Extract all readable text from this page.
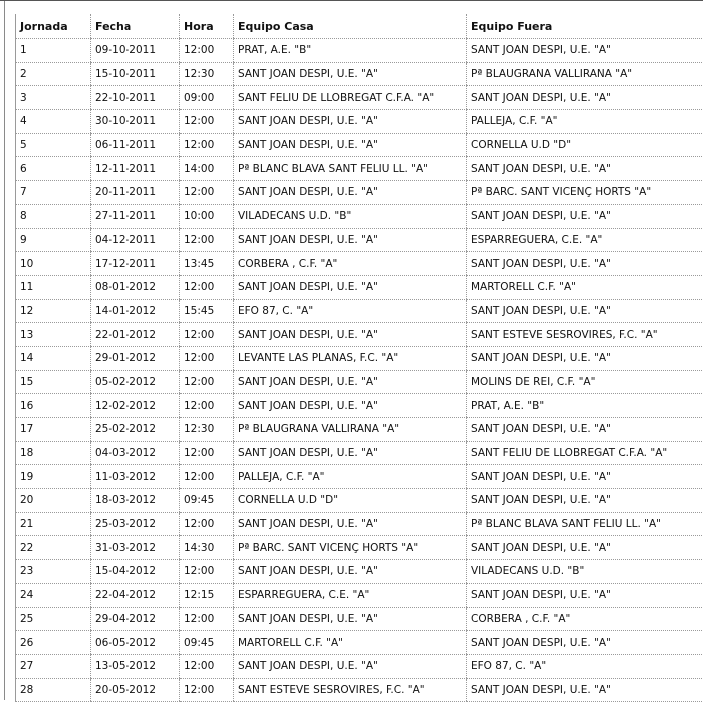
Jornada	Fecha	Hora	Equipo Casa	Equipo Fuera
1	09-10-2011	12:00	PRAT, A.E. "B"	SANT JOAN DESPI, U.E. "A"
2	15-10-2011	12:30	SANT JOAN DESPI, U.E. "A"	Pª BLAUGRANA VALLIRANA "A"
3	22-10-2011	09:00	SANT FELIU DE LLOBREGAT C.F.A. "A"	SANT JOAN DESPI, U.E. "A"
4	30-10-2011	12:00	SANT JOAN DESPI, U.E. "A"	PALLEJA, C.F. "A"
5	06-11-2011	12:00	SANT JOAN DESPI, U.E. "A"	CORNELLA U.D "D"
6	12-11-2011	14:00	Pª BLANC BLAVA SANT FELIU LL. "A"	SANT JOAN DESPI, U.E. "A"
7	20-11-2011	12:00	SANT JOAN DESPI, U.E. "A"	Pª BARC. SANT VICENÇ HORTS "A"
8	27-11-2011	10:00	VILADECANS U.D. "B"	SANT JOAN DESPI, U.E. "A"
9	04-12-2011	12:00	SANT JOAN DESPI, U.E. "A"	ESPARREGUERA, C.E. "A"
10	17-12-2011	13:45	CORBERA , C.F. "A"	SANT JOAN DESPI, U.E. "A"
11	08-01-2012	12:00	SANT JOAN DESPI, U.E. "A"	MARTORELL C.F. "A"
12	14-01-2012	15:45	EFO 87, C. "A"	SANT JOAN DESPI, U.E. "A"
13	22-01-2012	12:00	SANT JOAN DESPI, U.E. "A"	SANT ESTEVE SESROVIRES, F.C. "A"
14	29-01-2012	12:00	LEVANTE LAS PLANAS, F.C. "A"	SANT JOAN DESPI, U.E. "A"
15	05-02-2012	12:00	SANT JOAN DESPI, U.E. "A"	MOLINS DE REI, C.F. "A"
16	12-02-2012	12:00	SANT JOAN DESPI, U.E. "A"	PRAT, A.E. "B"
17	25-02-2012	12:30	Pª BLAUGRANA VALLIRANA "A"	SANT JOAN DESPI, U.E. "A"
18	04-03-2012	12:00	SANT JOAN DESPI, U.E. "A"	SANT FELIU DE LLOBREGAT C.F.A. "A"
19	11-03-2012	12:00	PALLEJA, C.F. "A"	SANT JOAN DESPI, U.E. "A"
20	18-03-2012	09:45	CORNELLA U.D "D"	SANT JOAN DESPI, U.E. "A"
21	25-03-2012	12:00	SANT JOAN DESPI, U.E. "A"	Pª BLANC BLAVA SANT FELIU LL. "A"
22	31-03-2012	14:30	Pª BARC. SANT VICENÇ HORTS "A"	SANT JOAN DESPI, U.E. "A"
23	15-04-2012	12:00	SANT JOAN DESPI, U.E. "A"	VILADECANS U.D. "B"
24	22-04-2012	12:15	ESPARREGUERA, C.E. "A"	SANT JOAN DESPI, U.E. "A"
25	29-04-2012	12:00	SANT JOAN DESPI, U.E. "A"	CORBERA , C.F. "A"
26	06-05-2012	09:45	MARTORELL C.F. "A"	SANT JOAN DESPI, U.E. "A"
27	13-05-2012	12:00	SANT JOAN DESPI, U.E. "A"	EFO 87, C. "A"
28	20-05-2012	12:00	SANT ESTEVE SESROVIRES, F.C. "A"	SANT JOAN DESPI, U.E. "A"
